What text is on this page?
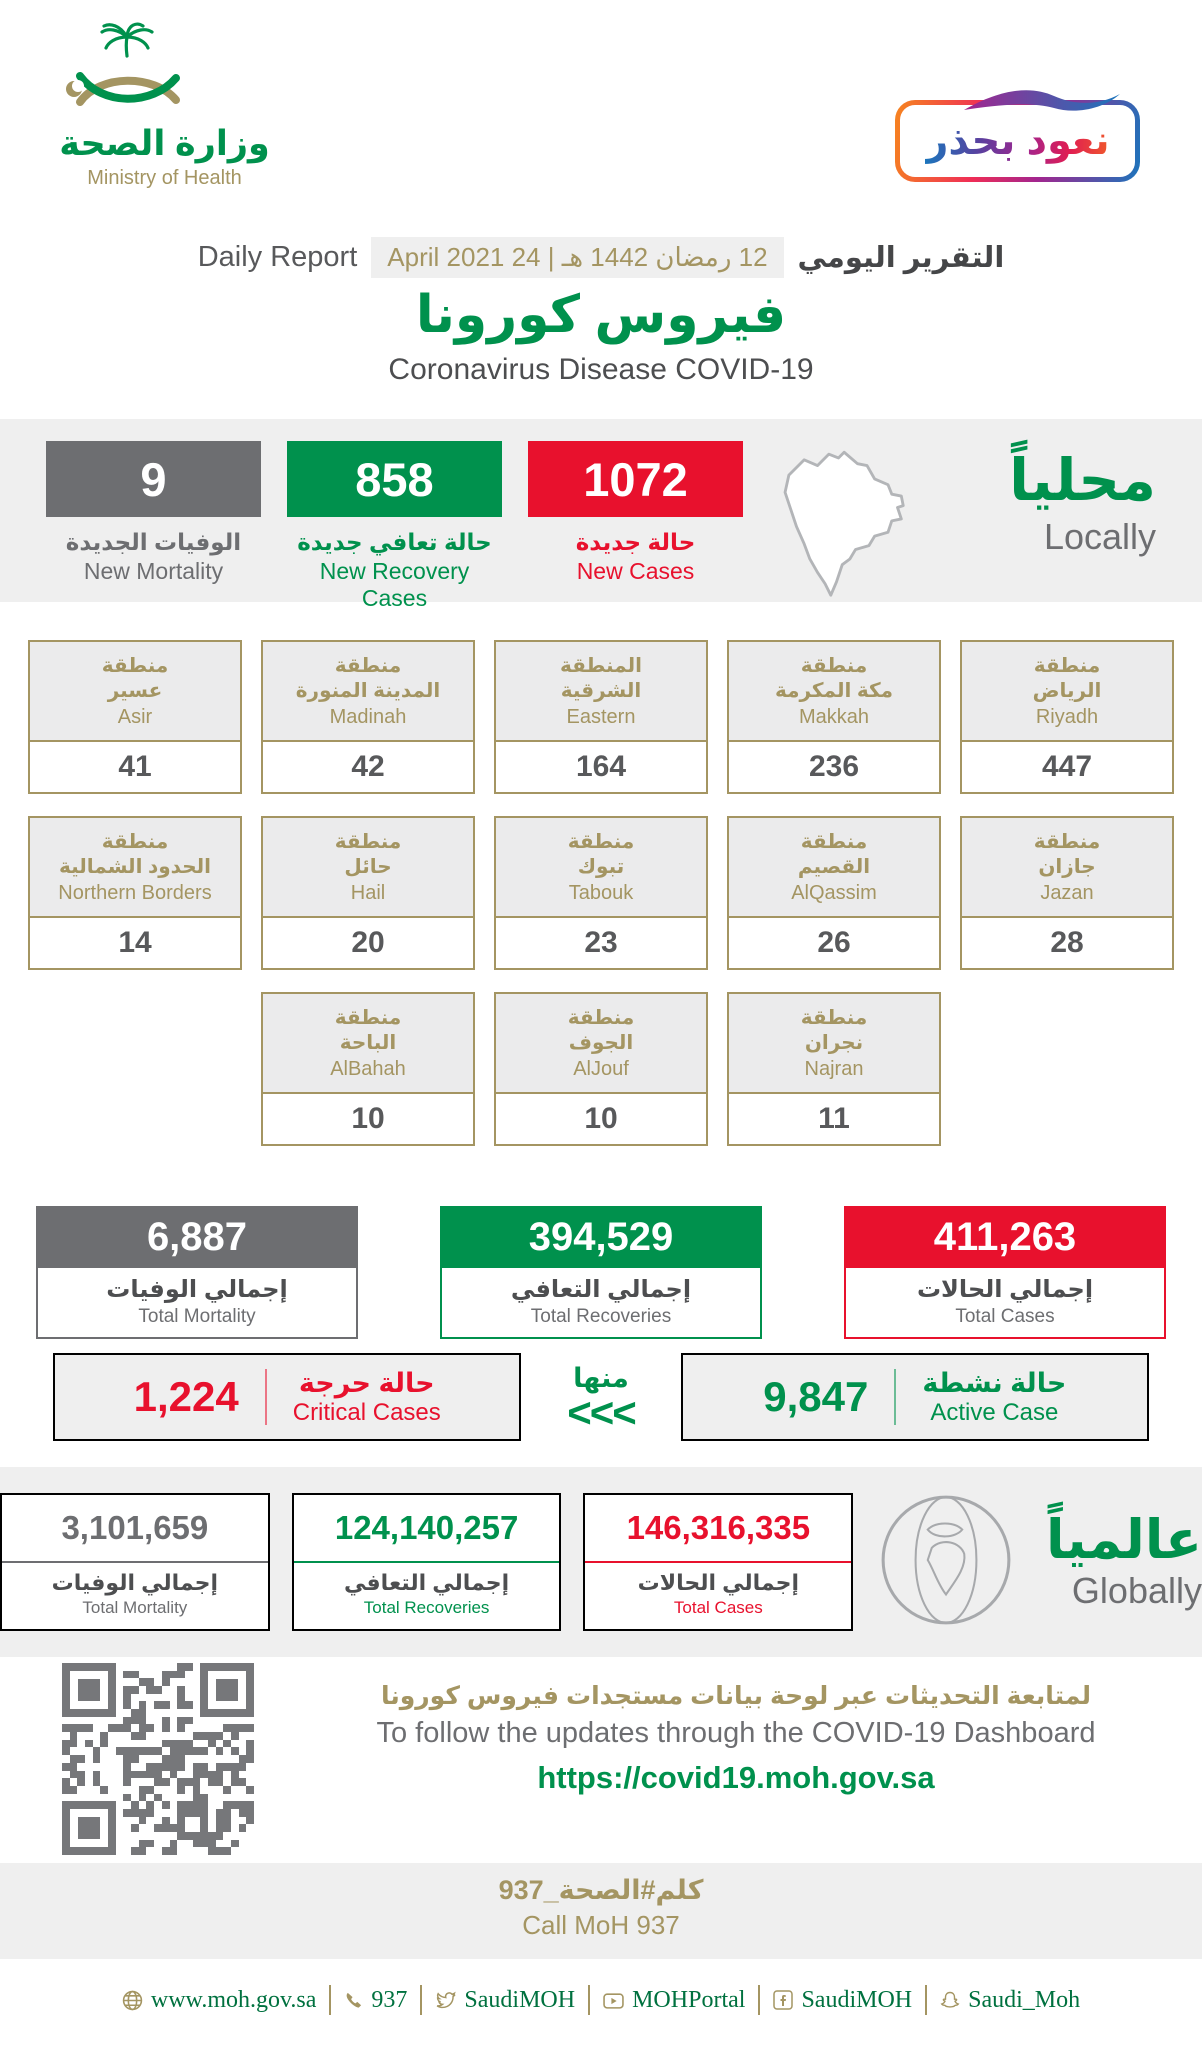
وزارة الصحة
Ministry of Health
نعود بحذر
Daily Report	12 رمضان 1442 هـ | 24 April 2021	التقرير اليومي
فيروس كورونا
Coronavirus Disease COVID-19
9
الوفيات الجديدة
New Mortality
858
حالة تعافي جديدة
New Recovery Cases
1072
حالة جديدة
New Cases
محلياً
Locally
منطقة
عسير
Asir
41
منطقة
المدينة المنورة
Madinah
42
المنطقة
الشرقية
Eastern
164
منطقة
مكة المكرمة
Makkah
236
منطقة
الرياض
Riyadh
447
منطقة
الحدود الشمالية
Northern Borders
14
منطقة
حائل
Hail
20
منطقة
تبوك
Tabouk
23
منطقة
القصيم
AlQassim
26
منطقة
جازان
Jazan
28
منطقة
الباحة
AlBahah
10
منطقة
الجوف
AlJouf
10
منطقة
نجران
Najran
11
6,887
إجمالي الوفيات
Total Mortality
394,529
إجمالي التعافي
Total Recoveries
411,263
إجمالي الحالات
Total Cases
1,224 حالة حرجة
Critical Cases
منها
<<<	9,847 حالة نشطة
Active Case
3,101,659
إجمالي الوفيات
Total Mortality
124,140,257
إجمالي التعافي
Total Recoveries
146,316,335
إجمالي الحالات
Total Cases
عالمياً
Globally
لمتابعة التحديثات عبر لوحة بيانات مستجدات فيروس كورونا
To follow the updates through the COVID-19 Dashboard
https://covid19.moh.gov.sa
كلم#الصحة_937
Call MoH 937
www.moh.gov.sa 937 SaudiMOH MOHPortal SaudiMOH Saudi_Moh
